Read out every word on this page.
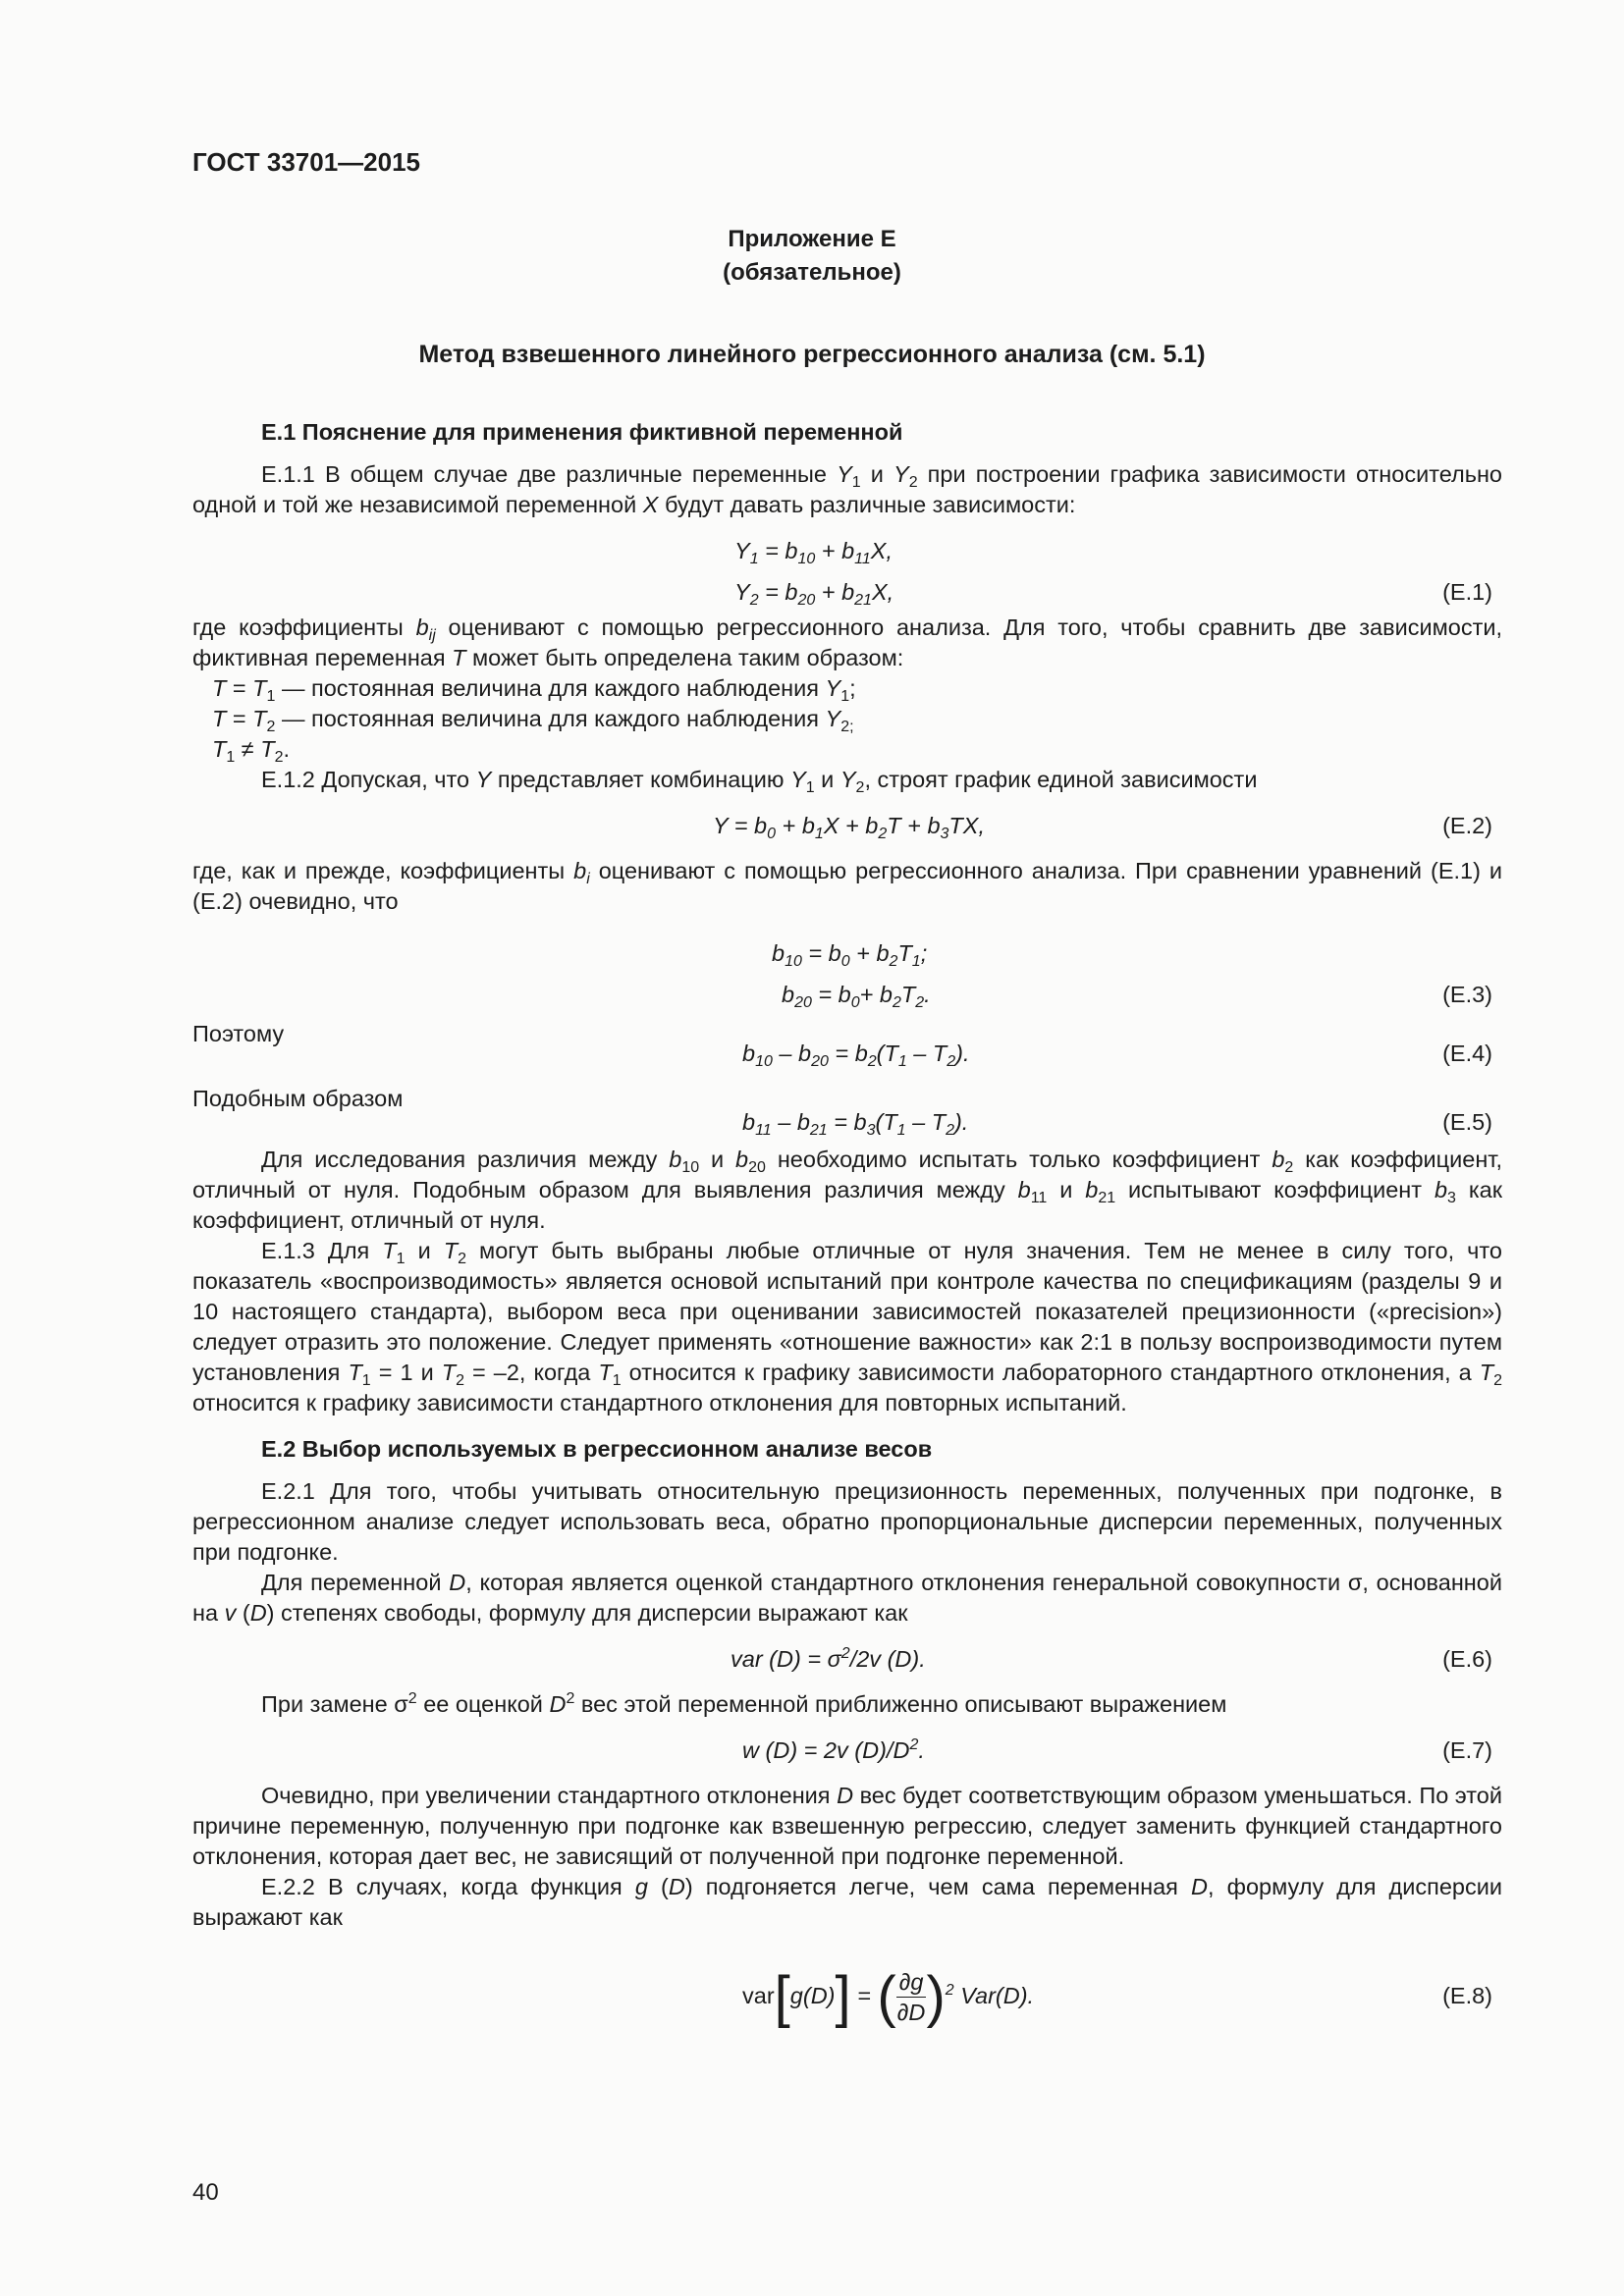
ГОСТ 33701—2015
Приложение Е
(обязательное)
Метод взвешенного линейного регрессионного анализа (см. 5.1)
Е.1 Пояснение для применения фиктивной переменной

Е.1.1 В общем случае две различные переменные $Y_1$ и $Y_2$ при построении графика зависимости относительно одной и той же независимой переменной X будут давать различные зависимости:

$Y_1 = b_{10} + b_{11}X$,
$Y_2 = b_{20} + b_{21}X$,	(Е.1)

где коэффициенты $b_{ij}$ оценивают с помощью регрессионного анализа. Для того, чтобы сравнить две зависимости, фиктивная переменная T может быть определена таким образом:

$T = T_1$ — постоянная величина для каждого наблюдения $Y_1$;
$T = T_2$ — постоянная величина для каждого наблюдения $Y_{2;}$
$T_1 \ne T_2$.

Е.1.2 Допуская, что Y представляет комбинацию $Y_1$ и $Y_2$, строят график единой зависимости

$Y = b_0 + b_1X + b_2T + b_3TX$,	(Е.2)

где, как и прежде, коэффициенты $b_i$ оценивают с помощью регрессионного анализа. При сравнении уравнений (Е.1) и (Е.2) очевидно, что

$b_{10} = b_0 + b_2T_1$;
$b_{20} = b_0+ b_2T_2$.	(Е.3)
Поэтому
$b_{10} - b_{20} = b_2(T_1 - T_2)$.	(Е.4)
Подобным образом
$b_{11} - b_{21} = b_3(T_1 - T_2)$.	(Е.5)

Для исследования различия между $b_{10}$ и $b_{20}$ необходимо испытать только коэффициент $b_2$ как коэффициент, отличный от нуля. Подобным образом для выявления различия между $b_{11}$ и $b_{21}$ испытывают коэффициент $b_3$ как коэффициент, отличный от нуля.

Е.1.3 Для $T_1$ и $T_2$ могут быть выбраны любые отличные от нуля значения. Тем не менее в силу того, что показатель «воспроизводимость» является основой испытаний при контроле качества по спецификациям (разделы 9 и 10 настоящего стандарта), выбором веса при оценивании зависимостей показателей прецизионности («precision») следует отразить это положение. Следует применять «отношение важности» как 2:1 в пользу воспроизводимости путем установления $T_1 = 1$ и $T_2 = -2$, когда $T_1$ относится к графику зависимости лабораторного стандартного отклонения, а $T_2$ относится к графику зависимости стандартного отклонения для повторных испытаний.

Е.2 Выбор используемых в регрессионном анализе весов

Е.2.1 Для того, чтобы учитывать относительную прецизионность переменных, полученных при подгонке, в регрессионном анализе следует использовать веса, обратно пропорциональные дисперсии переменных, полученных при подгонке.

Для переменной D, которая является оценкой стандартного отклонения генеральной совокупности σ, основанной на v (D) степенях свободы, формулу для дисперсии выражают как

var $(D) = \sigma^2/2v$ (D).	(Е.6)

При замене $\sigma^2$ ее оценкой $D^2$ вес этой переменной приближенно описывают выражением

w (D) = 2v $(D)/D^2$.	(Е.7)

Очевидно, при увеличении стандартного отклонения D вес будет соответствующим образом уменьшаться. По этой причине переменную, полученную при подгонке как взвешенную регрессию, следует заменить функцией стандартного отклонения, которая дает вес, не зависящий от полученной при подгонке переменной.

Е.2.2 В случаях, когда функция g (D) подгоняется легче, чем сама переменная D, формулу для дисперсии выражают как

var[g(D)] = ( $\frac{\partial g}{\partial D} )^2$ Var(D).	(Е.8)
40
